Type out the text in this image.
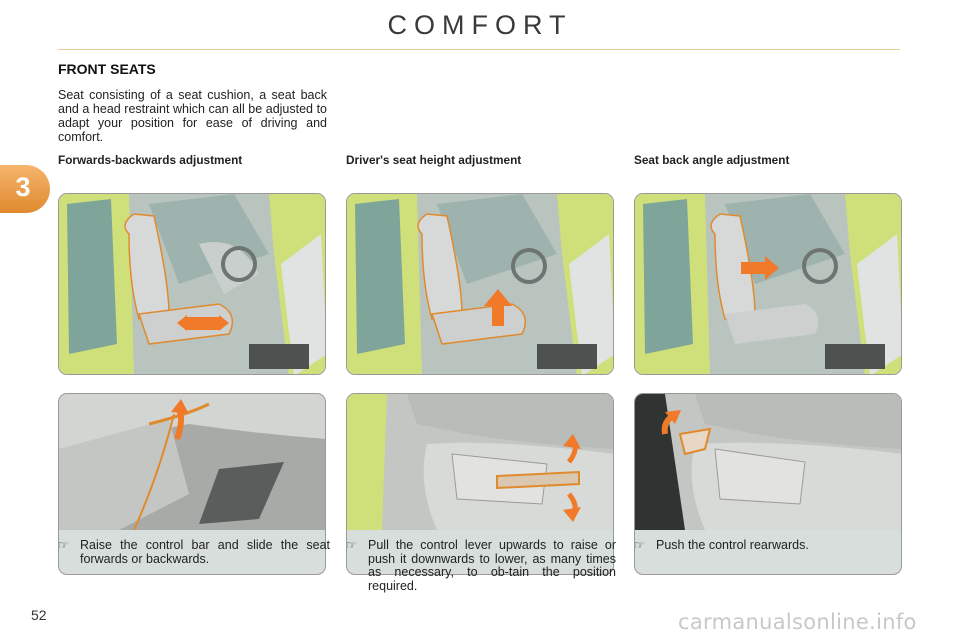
COMFORT
3
FRONT SEATS
Seat consisting of a seat cushion, a seat back and a head restraint which can all be adjusted to adapt your position for ease of driving and comfort.
Forwards-backwards adjustment	Driver's seat height adjustment	Seat back angle adjustment
☞ Raise the control bar and slide the seat forwards or backwards.
☞ Pull the control lever upwards to raise or push it downwards to lower, as many times as necessary, to ob-tain the position required.
☞ Push the control rearwards.
52	carmanualsonline.info
